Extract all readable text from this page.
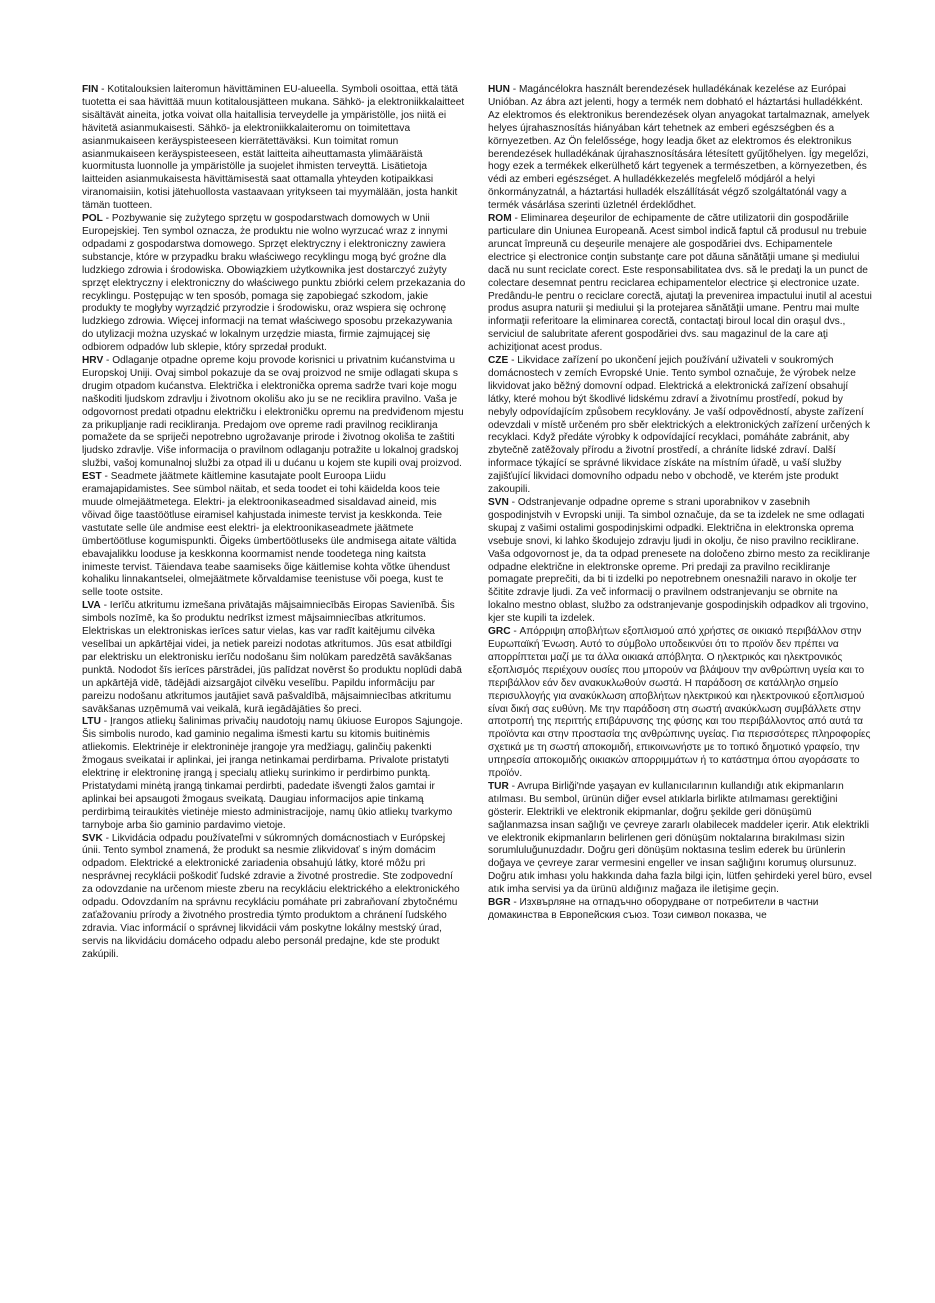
FIN - Kotitalouksien laiteromun hävittäminen EU-alueella. Symboli osoittaa, että tätä tuotetta ei saa hävittää muun kotitalousjätteen mukana. Sähkö- ja elektroniikkalaitteet sisältävät aineita, jotka voivat olla haitallisia terveydelle ja ympäristölle, jos niitä ei hävitetä asianmukaisesti. Sähkö- ja elektroniikkalaiteromu on toimitettava asianmukaiseen keräyspisteeseen kierrätettäväksi. Kun toimitat romun asianmukaiseen keräyspisteeseen, estät laitteita aiheuttamasta ylimääräistä kuormitusta luonnolle ja ympäristölle ja suojelet ihmisten terveyttä. Lisätietoja laitteiden asianmukaisesta hävittämisestä saat ottamalla yhteyden kotipaikkasi viranomaisiin, kotisi jätehuollosta vastaavaan yritykseen tai myymälään, josta hankit tämän tuotteen.

POL - Pozbywanie się zużytego sprzętu w gospodarstwach domowych w Unii Europejskiej. Ten symbol oznacza, że produktu nie wolno wyrzucać wraz z innymi odpadami z gospodarstwa domowego. Sprzęt elektryczny i elektroniczny zawiera substancje, które w przypadku braku właściwego recyklingu mogą być groźne dla ludzkiego zdrowia i środowiska. Obowiązkiem użytkownika jest dostarczyć zużyty sprzęt elektryczny i elektroniczny do właściwego punktu zbiórki celem przekazania do recyklingu. Postępując w ten sposób, pomaga się zapobiegać szkodom, jakie produkty te mogłyby wyrządzić przyrodzie i środowisku, oraz wspiera się ochronę ludzkiego zdrowia. Więcej informacji na temat właściwego sposobu przekazywania do utylizacji można uzyskać w lokalnym urzędzie miasta, firmie zajmującej się odbiorem odpadów lub sklepie, który sprzedał produkt.

HRV - Odlaganje otpadne opreme koju provode korisnici u privatnim kućanstvima u Europskoj Uniji. Ovaj simbol pokazuje da se ovaj proizvod ne smije odlagati skupa s drugim otpadom kućanstva. Električka i elektronička oprema sadrže tvari koje mogu naškoditi ljudskom zdravlju i životnom okolišu ako ju se ne reciklira pravilno. Vaša je odgovornost predati otpadnu električku i elektroničku opremu na predviđenom mjestu za prikupljanje radi recikliranja. Predajom ove opreme radi pravilnog recikliranja pomažete da se spriječi nepotrebno ugrožavanje prirode i životnog okoliša te zaštiti ljudsko zdravlje. Više informacija o pravilnom odlaganju potražite u lokalnoj gradskoj službi, vašoj komunalnoj službi za otpad ili u dućanu u kojem ste kupili ovaj proizvod.

EST - Seadmete jäätmete käitlemine kasutajate poolt Euroopa Liidu eramajapidamistes. See sümbol näitab, et seda toodet ei tohi käidelda koos teie muude olmejäätmetega. Elektri- ja elektroonikaseadmed sisaldavad aineid, mis võivad õige taastöötluse eiramisel kahjustada inimeste tervist ja keskkonda. Teie vastutate selle üle andmise eest elektri- ja elektroonikaseadmete jäätmete ümbertöötluse kogumispunkti. Õigeks ümbertöötluseks üle andmisega aitate vältida ebavajalikku looduse ja keskkonna koormamist nende toodetega ning kaitsta inimeste tervist. Täiendava teabe saamiseks õige käitlemise kohta võtke ühendust kohaliku linnakantselei, olmejäätmete kõrvaldamise teenistuse või poega, kust te selle toote ostsite.

LVA - Ierīču atkritumu izmešana privātajās mājsaimniecībās Eiropas Savienībā. Šis simbols nozīmē, ka šo produktu nedrīkst izmest mājsaimniecības atkritumos. Elektriskas un elektroniskas ierīces satur vielas, kas var radīt kaitējumu cilvēka veselībai un apkārtējai videi, ja netiek pareizi nodotas atkritumos. Jūs esat atbildīgi par elektrisku un elektronisku ierīču nodošanu šim nolūkam paredzētā savākšanas punktā. Nododot šīs ierīces pārstrādei, jūs palīdzat novērst šo produktu noplūdi dabā un apkārtējā vidē, tādējādi aizsargājot cilvēku veselību. Papildu informāciju par pareizu nodošanu atkritumos jautājiet savā pašvaldībā, mājsaimniecības atkritumu savākšanas uzņēmumā vai veikalā, kurā iegādājāties šo preci.

LTU - Įrangos atliekų šalinimas privačių naudotojų namų ūkiuose Europos Sąjungoje. Šis simbolis nurodo, kad gaminio negalima išmesti kartu su kitomis buitinėmis atliekomis. Elektrinėje ir elektroninėje įrangoje yra medžiagų, galinčių pakenkti žmogaus sveikatai ir aplinkai, jei įranga netinkamai perdirbama. Privalote pristatyti elektrinę ir elektroninę įrangą į specialų atliekų surinkimo ir perdirbimo punktą. Pristatydami minėtą įrangą tinkamai perdirbti, padedate išvengti žalos gamtai ir aplinkai bei apsaugoti žmogaus sveikatą. Daugiau informacijos apie tinkamą perdirbimą teiraukitės vietinėje miesto administracijoje, namų ūkio atliekų tvarkymo tarnyboje arba šio gaminio pardavimo vietoje.

SVK - Likvidácia odpadu používateľmi v súkromných domácnostiach v Európskej únii. Tento symbol znamená, že produkt sa nesmie zlikvidovať s iným domácim odpadom. Elektrické a elektronické zariadenia obsahujú látky, ktoré môžu pri nesprávnej recyklácii poškodiť ľudské zdravie a životné prostredie. Ste zodpovední za odovzdanie na určenom mieste zberu na recykláciu elektrického a elektronického odpadu. Odovzdaním na správnu recykláciu pomáhate pri zabraňovaní zbytočnému zaťažovaniu prírody a životného prostredia týmto produktom a chránení ľudského zdravia. Viac informácií o správnej likvidácii vám poskytne lokálny mestský úrad, servis na likvidáciu domáceho odpadu alebo personál predajne, kde ste produkt zakúpili.

HUN - Magáncélokra használt berendezések hulladékának kezelése az Európai Unióban. Az ábra azt jelenti, hogy a termék nem dobható el háztartási hulladékként. Az elektromos és elektronikus berendezések olyan anyagokat tartalmaznak, amelyek helyes újrahasznosítás hiányában kárt tehetnek az emberi egészségben és a környezetben. Az Ön felelőssége, hogy leadja őket az elektromos és elektronikus berendezések hulladékának újrahasznosítására létesített gyűjtőhelyen. Így megelőzi, hogy ezek a termékek elkerülhető kárt tegyenek a természetben, a környezetben, és védi az emberi egészséget. A hulladékkezelés megfelelő módjáról a helyi önkormányzatnál, a háztartási hulladék elszállítását végző szolgáltatónál vagy a termék vásárlása szerinti üzletnél érdeklődhet.

ROM - Eliminarea deşeurilor de echipamente de către utilizatorii din gospodăriile particulare din Uniunea Europeană. Acest simbol indică faptul că produsul nu trebuie aruncat împreună cu deşeurile menajere ale gospodăriei dvs. Echipamentele electrice şi electronice conţin substanţe care pot dăuna sănătăţii umane şi mediului dacă nu sunt reciclate corect. Este responsabilitatea dvs. să le predaţi la un punct de colectare desemnat pentru reciclarea echipamentelor electrice şi electronice uzate. Predându-le pentru o reciclare corectă, ajutaţi la prevenirea impactului inutil al acestui produs asupra naturii şi mediului şi la protejarea sănătăţii umane. Pentru mai multe informaţii referitoare la eliminarea corectă, contactaţi biroul local din oraşul dvs., serviciul de salubritate aferent gospodăriei dvs. sau magazinul de la care aţi achiziţionat acest produs.

CZE - Likvidace zařízení po ukončení jejich používání uživateli v soukromých domácnostech v zemích Evropské Unie. Tento symbol označuje, že výrobek nelze likvidovat jako běžný domovní odpad. Elektrická a elektronická zařízení obsahují látky, které mohou být škodlivé lidskému zdraví a životnímu prostředí, pokud by nebyly odpovídajícím způsobem recyklovány. Je vaší odpovědností, abyste zařízení odevzdali v místě určeném pro sběr elektrických a elektronických zařízení určených k recyklaci. Když předáte výrobky k odpovídající recyklaci, pomáháte zabránit, aby zbytečně zatěžovaly přírodu a životní prostředí, a chráníte lidské zdraví. Další informace týkající se správné likvidace získáte na místním úřadě, u vaší služby zajišťující likvidaci domovního odpadu nebo v obchodě, ve kterém jste produkt zakoupili.

SVN - Odstranjevanje odpadne opreme s strani uporabnikov v zasebnih gospodinjstvih v Evropski uniji. Ta simbol označuje, da se ta izdelek ne sme odlagati skupaj z vašimi ostalimi gospodinjskimi odpadki. Električna in elektronska oprema vsebuje snovi, ki lahko škodujejo zdravju ljudi in okolju, če niso pravilno reciklirane. Vaša odgovornost je, da ta odpad prenesete na določeno zbirno mesto za recikliranje odpadne električne in elektronske opreme. Pri predaji za pravilno recikliranje pomagate preprečiti, da bi ti izdelki po nepotrebnem onesnažili naravo in okolje ter ščitite zdravje ljudi. Za več informacij o pravilnem odstranjevanju se obrnite na lokalno mestno oblast, službo za odstranjevanje gospodinjskih odpadkov ali trgovino, kjer ste kupili ta izdelek.

GRC - Απόρριψη αποβλήτων εξοπλισμού από χρήστες σε οικιακό περιβάλλον στην Ευρωπαϊκή Ένωση. Αυτό το σύμβολο υποδεικνύει ότι το προϊόν δεν πρέπει να απορρίπτεται μαζί με τα άλλα οικιακά απόβλητα. Ο ηλεκτρικός και ηλεκτρονικός εξοπλισμός περιέχουν ουσίες που μπορούν να βλάψουν την ανθρώπινη υγεία και το περιβάλλον εάν δεν ανακυκλωθούν σωστά. Η παράδοση σε κατάλληλο σημείο περισυλλογής για ανακύκλωση αποβλήτων ηλεκτρικού και ηλεκτρονικού εξοπλισμού είναι δική σας ευθύνη. Με την παράδοση στη σωστή ανακύκλωση συμβάλλετε στην αποτροπή της περιττής επιβάρυνσης της φύσης και του περιβάλλοντος από αυτά τα προϊόντα και στην προστασία της ανθρώπινης υγείας. Για περισσότερες πληροφορίες σχετικά με τη σωστή αποκομιδή, επικοινωνήστε με το τοπικό δημοτικό γραφείο, την υπηρεσία αποκομιδής οικιακών απορριμμάτων ή το κατάστημα όπου αγοράσατε το προϊόν.

TUR - Avrupa Birliği'nde yaşayan ev kullanıcılarının kullandığı atık ekipmanların atılması. Bu sembol, ürünün diğer evsel atıklarla birlikte atılmaması gerektiğini gösterir. Elektrikli ve elektronik ekipmanlar, doğru şekilde geri dönüşümü sağlanmazsa insan sağlığı ve çevreye zararlı olabilecek maddeler içerir. Atık elektrikli ve elektronik ekipmanların belirlenen geri dönüşüm noktalarına bırakılması sizin sorumluluğunuzdadır. Doğru geri dönüşüm noktasına teslim ederek bu ürünlerin doğaya ve çevreye zarar vermesini engeller ve insan sağlığını korumuş olursunuz. Doğru atık imhası yolu hakkında daha fazla bilgi için, lütfen şehirdeki yerel büro, evsel atık imha servisi ya da ürünü aldığınız mağaza ile iletişime geçin.

BGR - Изхвърляне на отпадъчно оборудване от потребители в частни домакинства в Европейския съюз. Този символ показва, че
